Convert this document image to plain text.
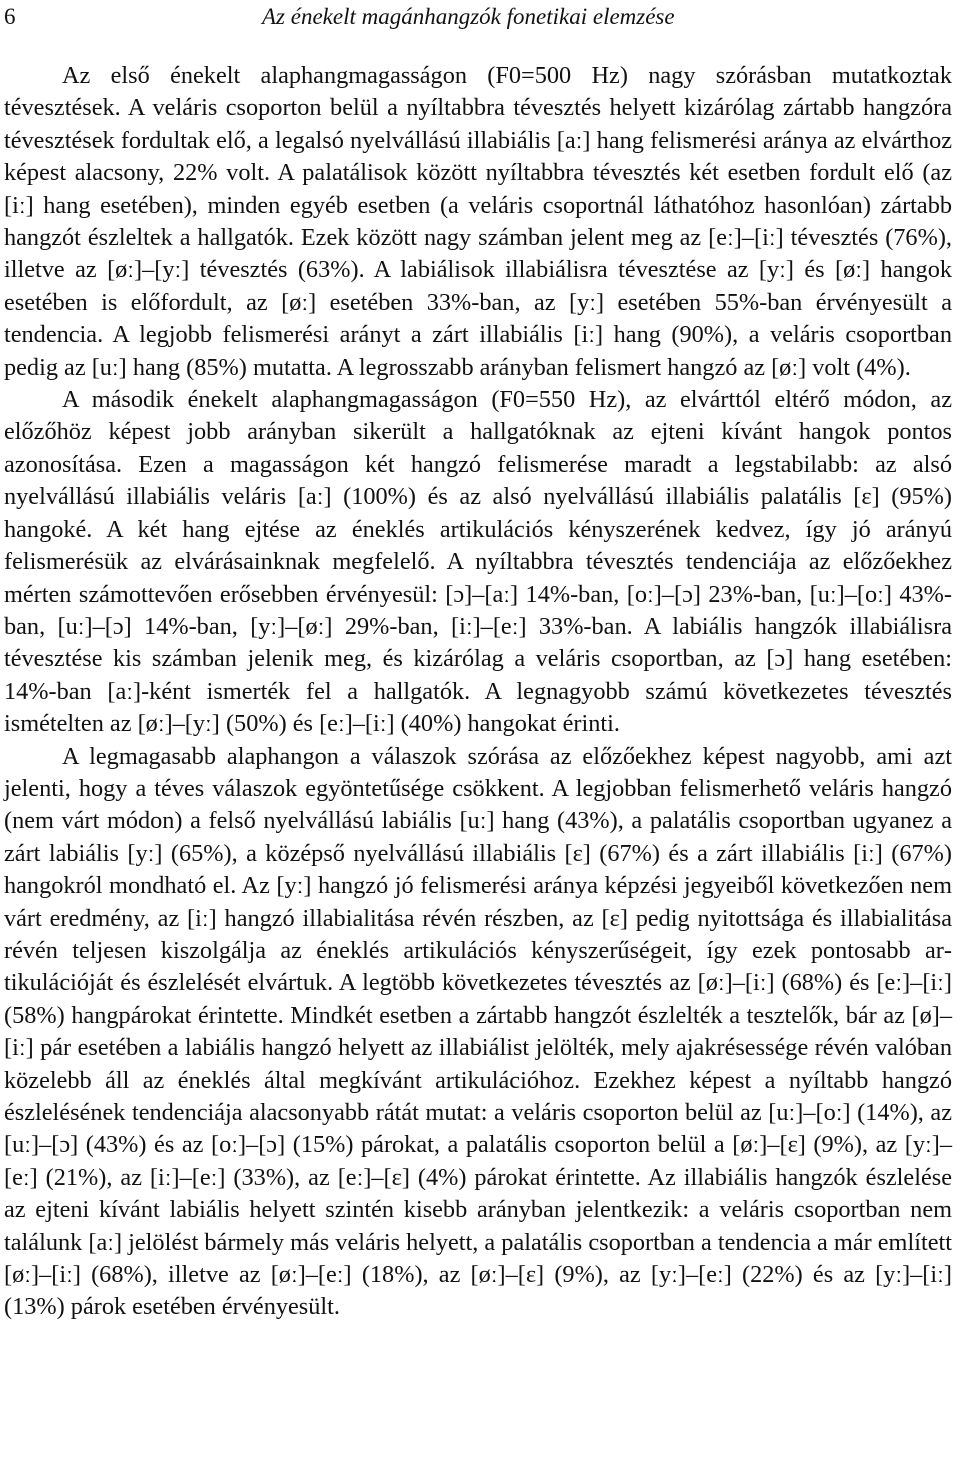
6	Az énekelt magánhangzók fonetikai elemzése

Az első énekelt alaphangmagasságon (F0=500 Hz) nagy szórásban mutatkoztak tévesztések. A veláris csoporton belül a nyíltabbra tévesztés helyett kizárólag zártabb hangzóra tévesztések fordultak elő, a legalsó nyelvállású illabiális [aː] hang felismerési aránya az elvárthoz képest alacsony, 22% volt. A palatálisok között nyíltabbra tévesztés két esetben fordult elő (az [iː] hang esetében), minden egyéb esetben (a veláris csoportnál láthatóhoz hasonlóan) zártabb hangzót észleltek a hallgatók. Ezek között nagy számban jelent meg az [eː]–[iː] tévesztés (76%), illetve az [øː]–[yː] tévesztés (63%). A labiálisok illabiálisra tévesztése az [yː] és [øː] hangok esetében is előfordult, az [øː] esetében 33%-ban, az [yː] esetében 55%-ban érvényesült a tendencia. A legjobb felismerési arányt a zárt illabiális [iː] hang (90%), a veláris csoportban pedig az [uː] hang (85%) mutatta. A legrosszabb arányban felismert hangzó az [øː] volt (4%).

A második énekelt alaphangmagasságon (F0=550 Hz), az elvárttól eltérő módon, az előzőhöz képest jobb arányban sikerült a hallgatóknak az ejteni kívánt hangok pontos azonosítása. Ezen a magasságon két hangzó felismerése maradt a legstabilabb: az alsó nyelvállású illabiális veláris [aː] (100%) és az alsó nyelvállású illabiális palatális [ɛ] (95%) hangoké. A két hang ejtése az éneklés artikulációs kényszerének kedvez, így jó arányú felismerésük az elvárásainknak megfelelő. A nyíltabbra tévesztés tendenciája az előzőekhez mérten számottevően erősebben érvényesül: [ɔ]–[aː] 14%-ban, [oː]–[ɔ] 23%-ban, [uː]–[oː] 43%-ban, [uː]–[ɔ] 14%-ban, [yː]–[øː] 29%-ban, [iː]–[eː] 33%-ban. A labiális hangzók illabiálisra tévesztése kis számban jelenik meg, és kizárólag a veláris csoportban, az [ɔ] hang esetében: 14%-ban [aː]-ként ismerték fel a hallgatók. A legnagyobb számú következetes tévesztés ismételten az [øː]–[yː] (50%) és [eː]–[iː] (40%) hangokat érinti.

A legmagasabb alaphangon a válaszok szórása az előzőekhez képest nagyobb, ami azt jelenti, hogy a téves válaszok egyöntetűsége csökkent. A legjobban felismerhető veláris hangzó (nem várt módon) a felső nyelvállású labiális [uː] hang (43%), a palatális csoportban ugyanez a zárt labiális [yː] (65%), a középső nyelvállású illabiális [ɛ] (67%) és a zárt illabiális [iː] (67%) hangokról mondható el. Az [yː] hangzó jó felismerési aránya képzési jegyeiből következően nem várt eredmény, az [iː] hangzó illabialitása révén részben, az [ɛ] pedig nyitottsága és illabialitása révén teljesen kiszolgálja az éneklés artikulációs kényszerűségeit, így ezek pontosabb artikulációját és észlelését elvártuk. A legtöbb következetes tévesztés az [øː]–[iː] (68%) és [eː]–[iː] (58%) hangpárokat érintette. Mindkét esetben a zártabb hangzót észlelték a tesztelők, bár az [ø]–[iː] pár esetében a labiális hangzó helyett az illabiálist jelölték, mely ajakrésessége révén valóban közelebb áll az éneklés által megkívánt artikulációhoz. Ezekhez képest a nyíltabb hangzó észlelésének tendenciája alacsonyabb rátát mutat: a veláris csoporton belül az [uː]–[oː] (14%), az [uː]–[ɔ] (43%) és az [oː]–[ɔ] (15%) párokat, a palatális csoporton belül a [øː]–[ɛ] (9%), az [yː]–[eː] (21%), az [iː]–[eː] (33%), az [eː]–[ɛ] (4%) párokat érintette. Az illabiális hangzók észlelése az ejteni kívánt labiális helyett szintén kisebb arányban jelentkezik: a veláris csoportban nem találunk [aː] jelölést bármely más veláris helyett, a palatális csoportban a tendencia a már említett [øː]–[iː] (68%), illetve az [øː]–[eː] (18%), az [øː]–[ɛ] (9%), az [yː]–[eː] (22%) és az [yː]–[iː] (13%) párok esetében érvényesült.
